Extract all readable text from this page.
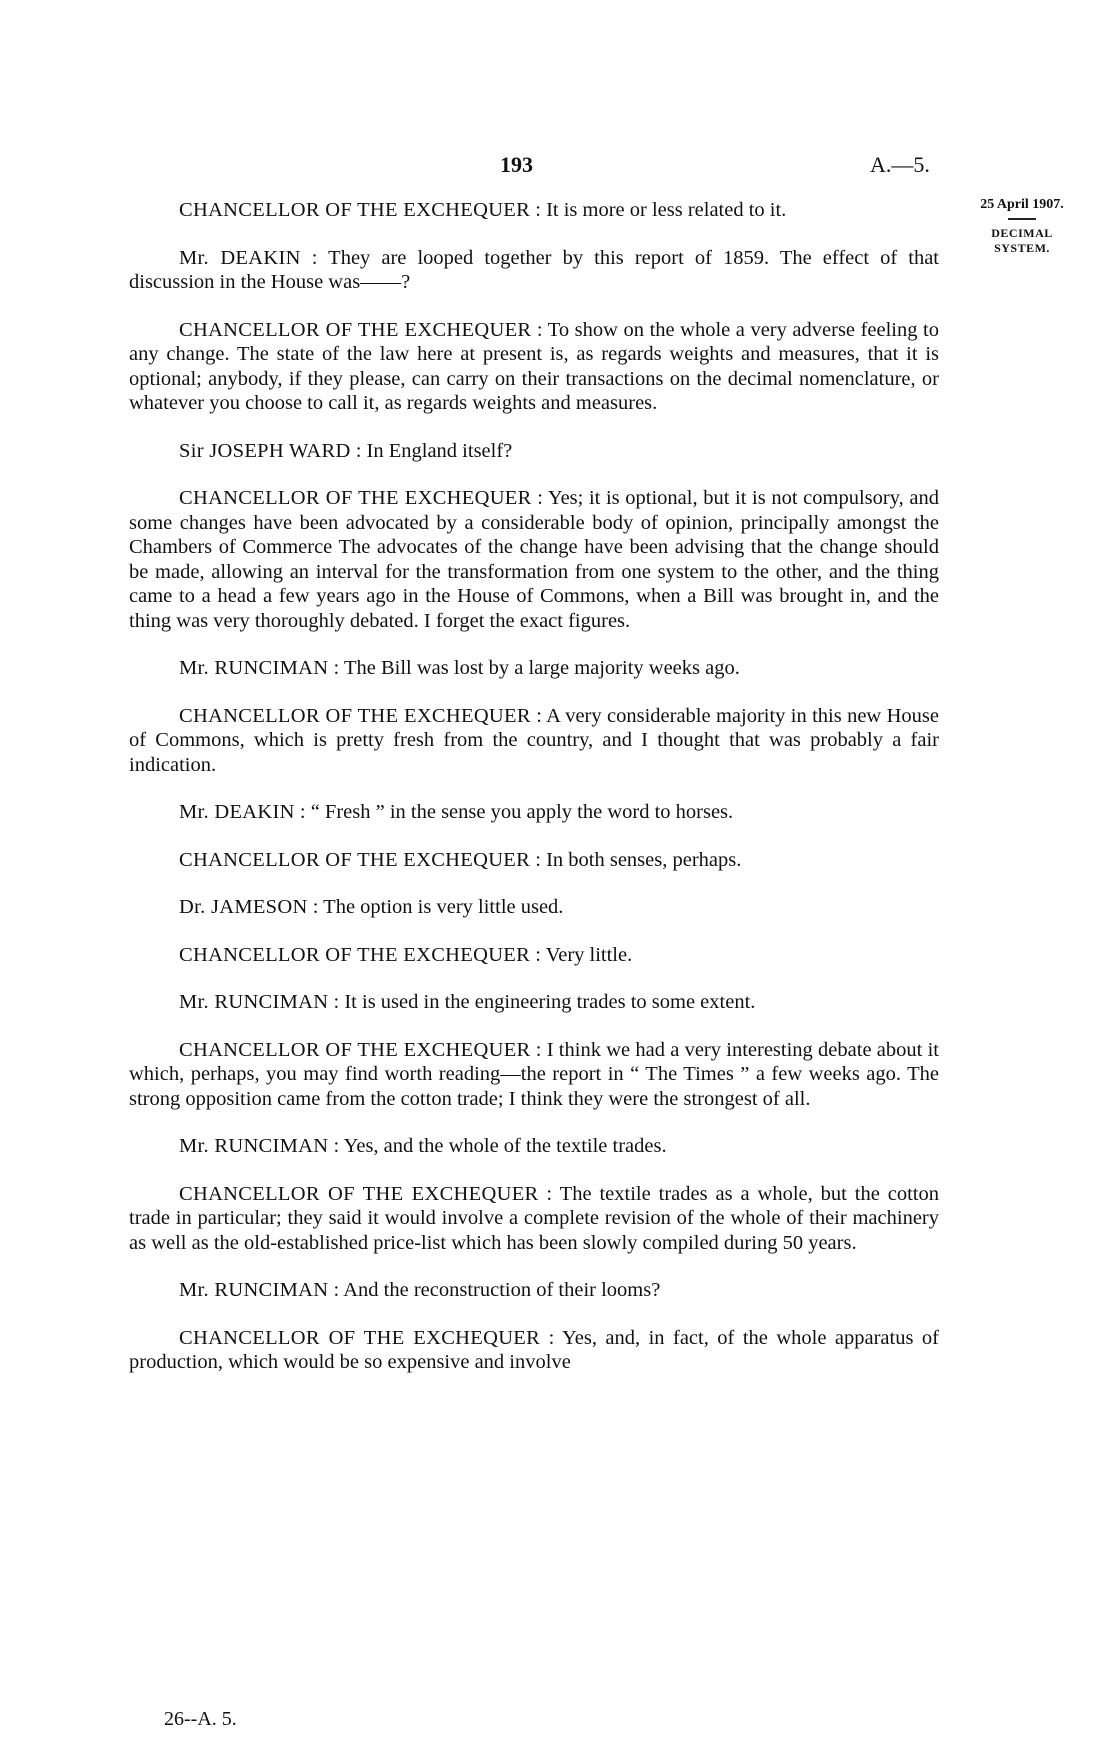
193	A.—5.
25 April 1907.
DECIMAL
SYSTEM.

CHANCELLOR OF THE EXCHEQUER : It is more or less related to it.

Mr. DEAKIN : They are looped together by this report of 1859. The effect of that discussion in the House was——?

CHANCELLOR OF THE EXCHEQUER : To show on the whole a very adverse feeling to any change. The state of the law here at present is, as regards weights and measures, that it is optional; anybody, if they please, can carry on their transactions on the decimal nomenclature, or whatever you choose to call it, as regards weights and measures.

Sir JOSEPH WARD : In England itself?

CHANCELLOR OF THE EXCHEQUER : Yes; it is optional, but it is not compulsory, and some changes have been advocated by a considerable body of opinion, principally amongst the Chambers of Commerce The advocates of the change have been advising that the change should be made, allowing an interval for the transformation from one system to the other, and the thing came to a head a few years ago in the House of Commons, when a Bill was brought in, and the thing was very thoroughly debated. I forget the exact figures.

Mr. RUNCIMAN : The Bill was lost by a large majority weeks ago.

CHANCELLOR OF THE EXCHEQUER : A very considerable majority in this new House of Commons, which is pretty fresh from the country, and I thought that was probably a fair indication.

Mr. DEAKIN : “ Fresh ” in the sense you apply the word to horses.

CHANCELLOR OF THE EXCHEQUER : In both senses, perhaps.

Dr. JAMESON : The option is very little used.

CHANCELLOR OF THE EXCHEQUER : Very little.

Mr. RUNCIMAN : It is used in the engineering trades to some extent.

CHANCELLOR OF THE EXCHEQUER : I think we had a very interesting debate about it which, perhaps, you may find worth reading—the report in “ The Times ” a few weeks ago. The strong opposition came from the cotton trade; I think they were the strongest of all.

Mr. RUNCIMAN : Yes, and the whole of the textile trades.

CHANCELLOR OF THE EXCHEQUER : The textile trades as a whole, but the cotton trade in particular; they said it would involve a complete revision of the whole of their machinery as well as the old-established price-list which has been slowly compiled during 50 years.

Mr. RUNCIMAN : And the reconstruction of their looms?

CHANCELLOR OF THE EXCHEQUER : Yes, and, in fact, of the whole apparatus of production, which would be so expensive and involve

26--A. 5.
